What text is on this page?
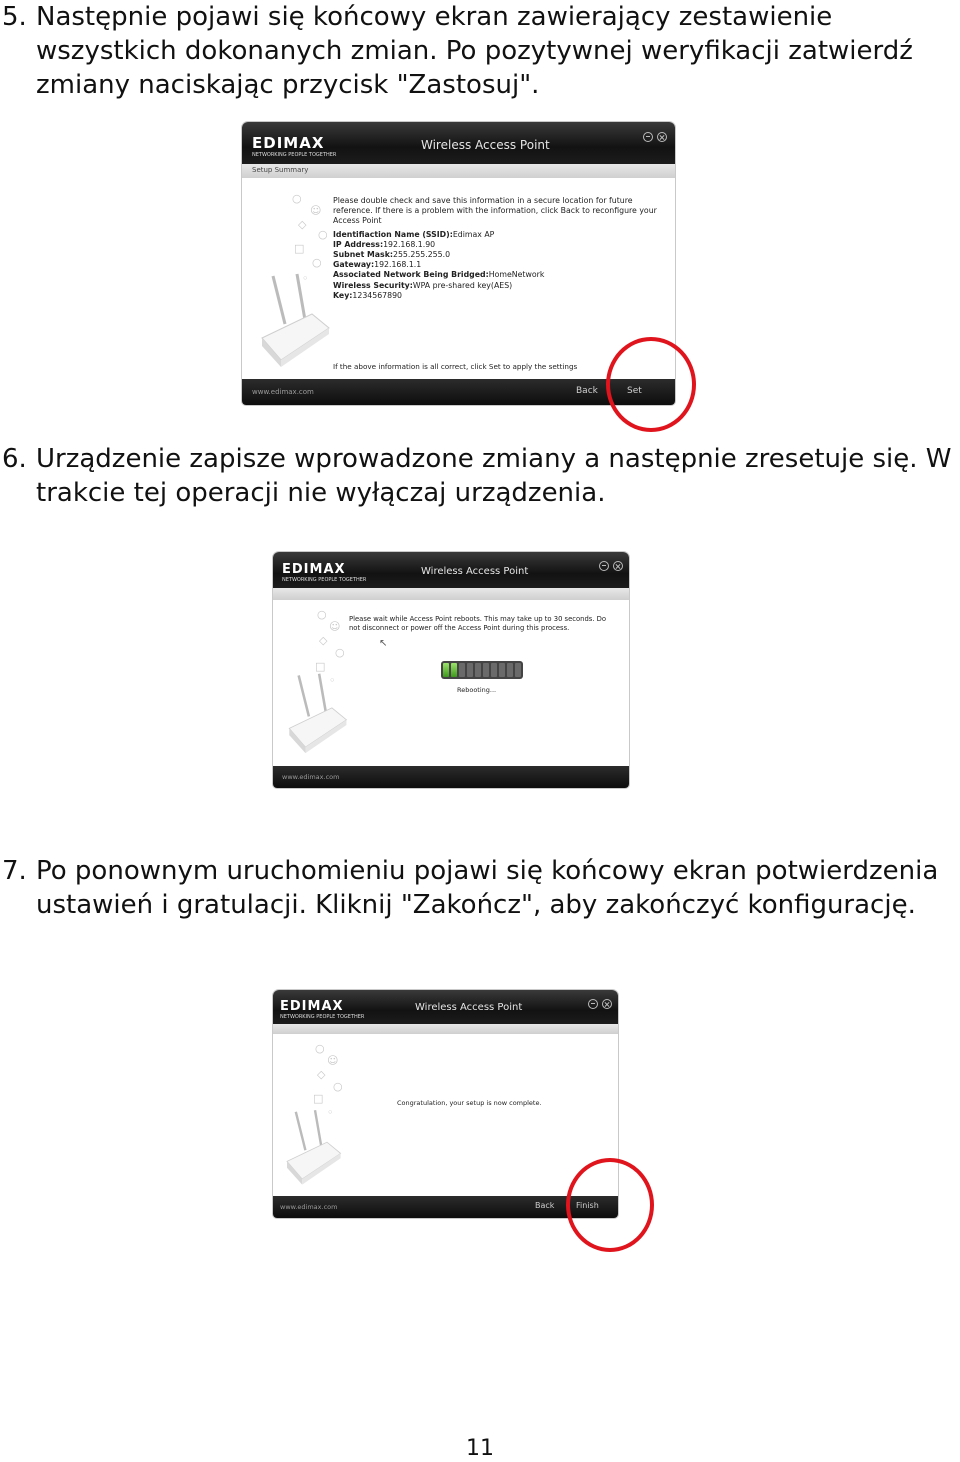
5. Następnie pojawi się końcowy ekran zawierający zestawienie wszystkich dokonanych zmian. Po pozytywnej weryfikacji zatwierdź zmiany naciskając przycisk "Zastosuj".
EDIMAX
NETWORKING PEOPLE TOGETHER
Wireless Access Point
Setup Summary
○
☺
◇
○
□
○
◦
Please double check and save this information in a secure location for future reference. If there is a problem with the information, click Back to reconfigure your Access Point
Identifiaction Name (SSID):Edimax AP
IP Address:192.168.1.90
Subnet Mask:255.255.255.0
Gateway:192.168.1.1
Associated Network Being Bridged:HomeNetwork
Wireless Security:WPA pre-shared key(AES)
Key:1234567890
If the above information is all correct, click Set to apply the settings
www.edimax.com	Back	Set
6. Urządzenie zapisze wprowadzone zmiany a następnie zresetuje się. W trakcie tej operacji nie wyłączaj urządzenia.
EDIMAX
NETWORKING PEOPLE TOGETHER
Wireless Access Point
○
☺
◇
○
□
◦
Please wait while Access Point reboots. This may take up to 30 seconds. Do not disconnect or power off the Access Point during this process.
↖
Rebooting...
www.edimax.com
7. Po ponownym uruchomieniu pojawi się końcowy ekran potwierdzenia ustawień i gratulacji. Kliknij "Zakończ", aby zakończyć konfigurację.
EDIMAX
NETWORKING PEOPLE TOGETHER
Wireless Access Point
○
☺
◇
○
□
◦
Congratulation, your setup is now complete.
www.edimax.com	Back	Finish
11
